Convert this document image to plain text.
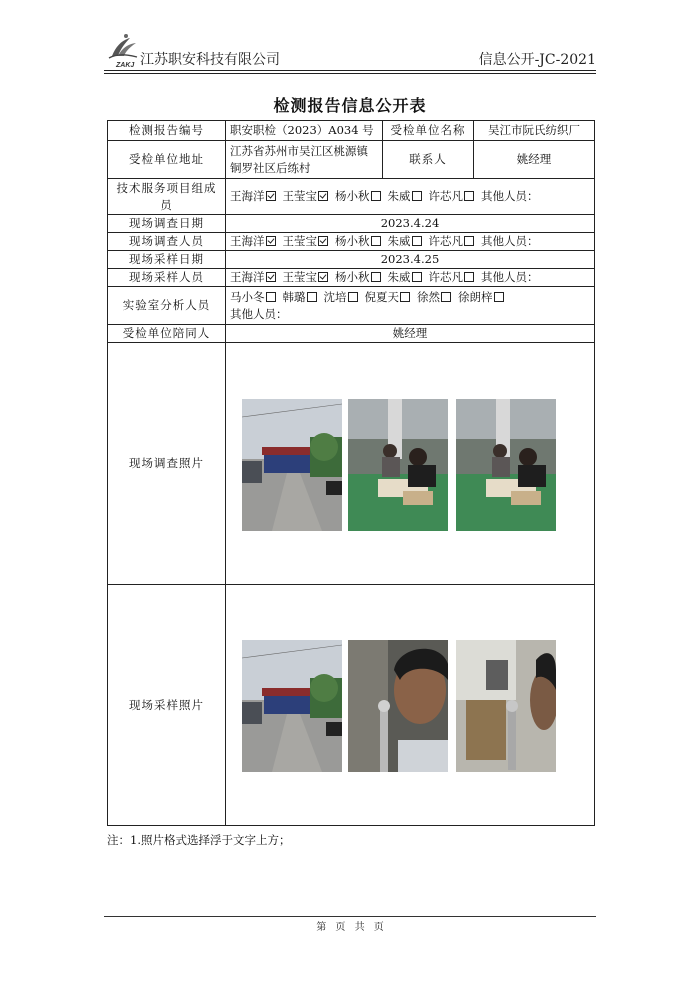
ZAKJ 江苏职安科技有限公司	信息公开-JC-2021
检测报告信息公开表
检测报告编号	职安职检（2023）A034 号	受检单位名称	吴江市阮氏纺织厂
受检单位地址	江苏省苏州市吴江区桃源镇铜罗社区后练村	联系人	姚经理
技术服务项目组成员	王海洋 王莹宝 杨小秋 朱威 许芯凡 其他人员：		
现场调查日期	2023.4.24		
现场调查人员	王海洋 王莹宝 杨小秋 朱威 许芯凡 其他人员：		
现场采样日期	2023.4.25		
现场采样人员	王海洋 王莹宝 杨小秋 朱威 许芯凡 其他人员：		
实验室分析人员	马小冬 韩璐 沈培 倪夏天 徐然 徐朗梓
其他人员：		
受检单位陪同人	姚经理		
现场调查照片	

现场采样照片	
注：1.照片格式选择浮于文字上方；
第 页 共 页
